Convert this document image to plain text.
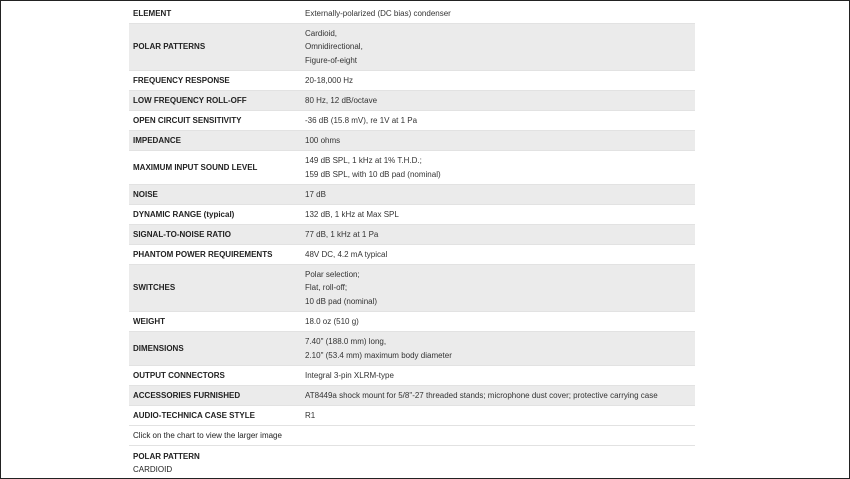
ELEMENT	Externally-polarized (DC bias) condenser

POLAR PATTERNS	Cardioid,
Omnidirectional,
Figure-of-eight

FREQUENCY RESPONSE	20-18,000 Hz

LOW FREQUENCY ROLL-OFF	80 Hz, 12 dB/octave

OPEN CIRCUIT SENSITIVITY	-36 dB (15.8 mV), re 1V at 1 Pa

IMPEDANCE	100 ohms

MAXIMUM INPUT SOUND LEVEL	149 dB SPL, 1 kHz at 1% T.H.D.;
159 dB SPL, with 10 dB pad (nominal)

NOISE	17 dB

DYNAMIC RANGE (typical)	132 dB, 1 kHz at Max SPL

SIGNAL-TO-NOISE RATIO	77 dB, 1 kHz at 1 Pa

PHANTOM POWER REQUIREMENTS	48V DC, 4.2 mA typical

SWITCHES	Polar selection;
Flat, roll-off;
10 dB pad (nominal)

WEIGHT	18.0 oz (510 g)

DIMENSIONS	7.40" (188.0 mm) long,
2.10" (53.4 mm) maximum body diameter

OUTPUT CONNECTORS	Integral 3-pin XLRM-type

ACCESSORIES FURNISHED	AT8449a shock mount for 5/8"-27 threaded stands; microphone dust cover; protective carrying case

AUDIO-TECHNICA CASE STYLE	R1

Click on the chart to view the larger image	

POLAR PATTERN
CARDIOID	
